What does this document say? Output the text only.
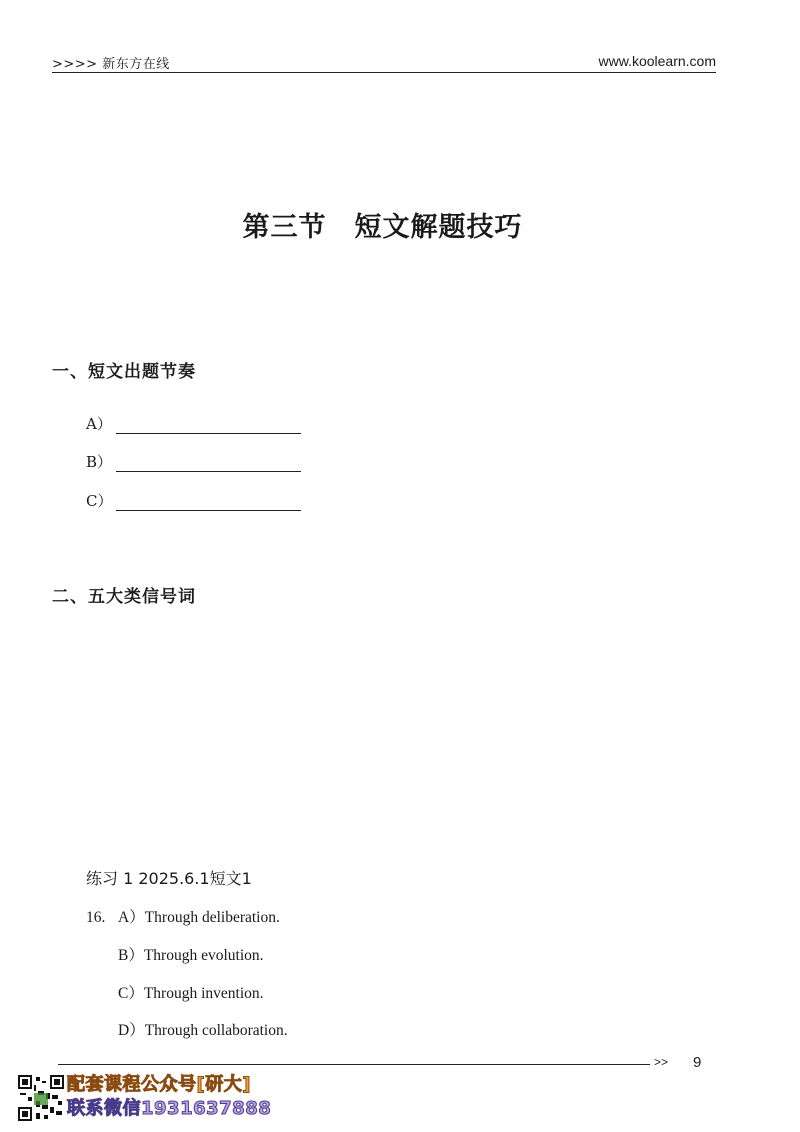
>>>> 新东方在线	www.koolearn.com
第三节 短文解题技巧
一、短文出题节奏
A）
B）
C）
二、五大类信号词
练习 1 2025.6.1短文1
16. A）Through deliberation.
B）Through evolution.
C）Through invention.
D）Through collaboration.
>> 9
配套课程公众号[研大]
联系微信1931637888
